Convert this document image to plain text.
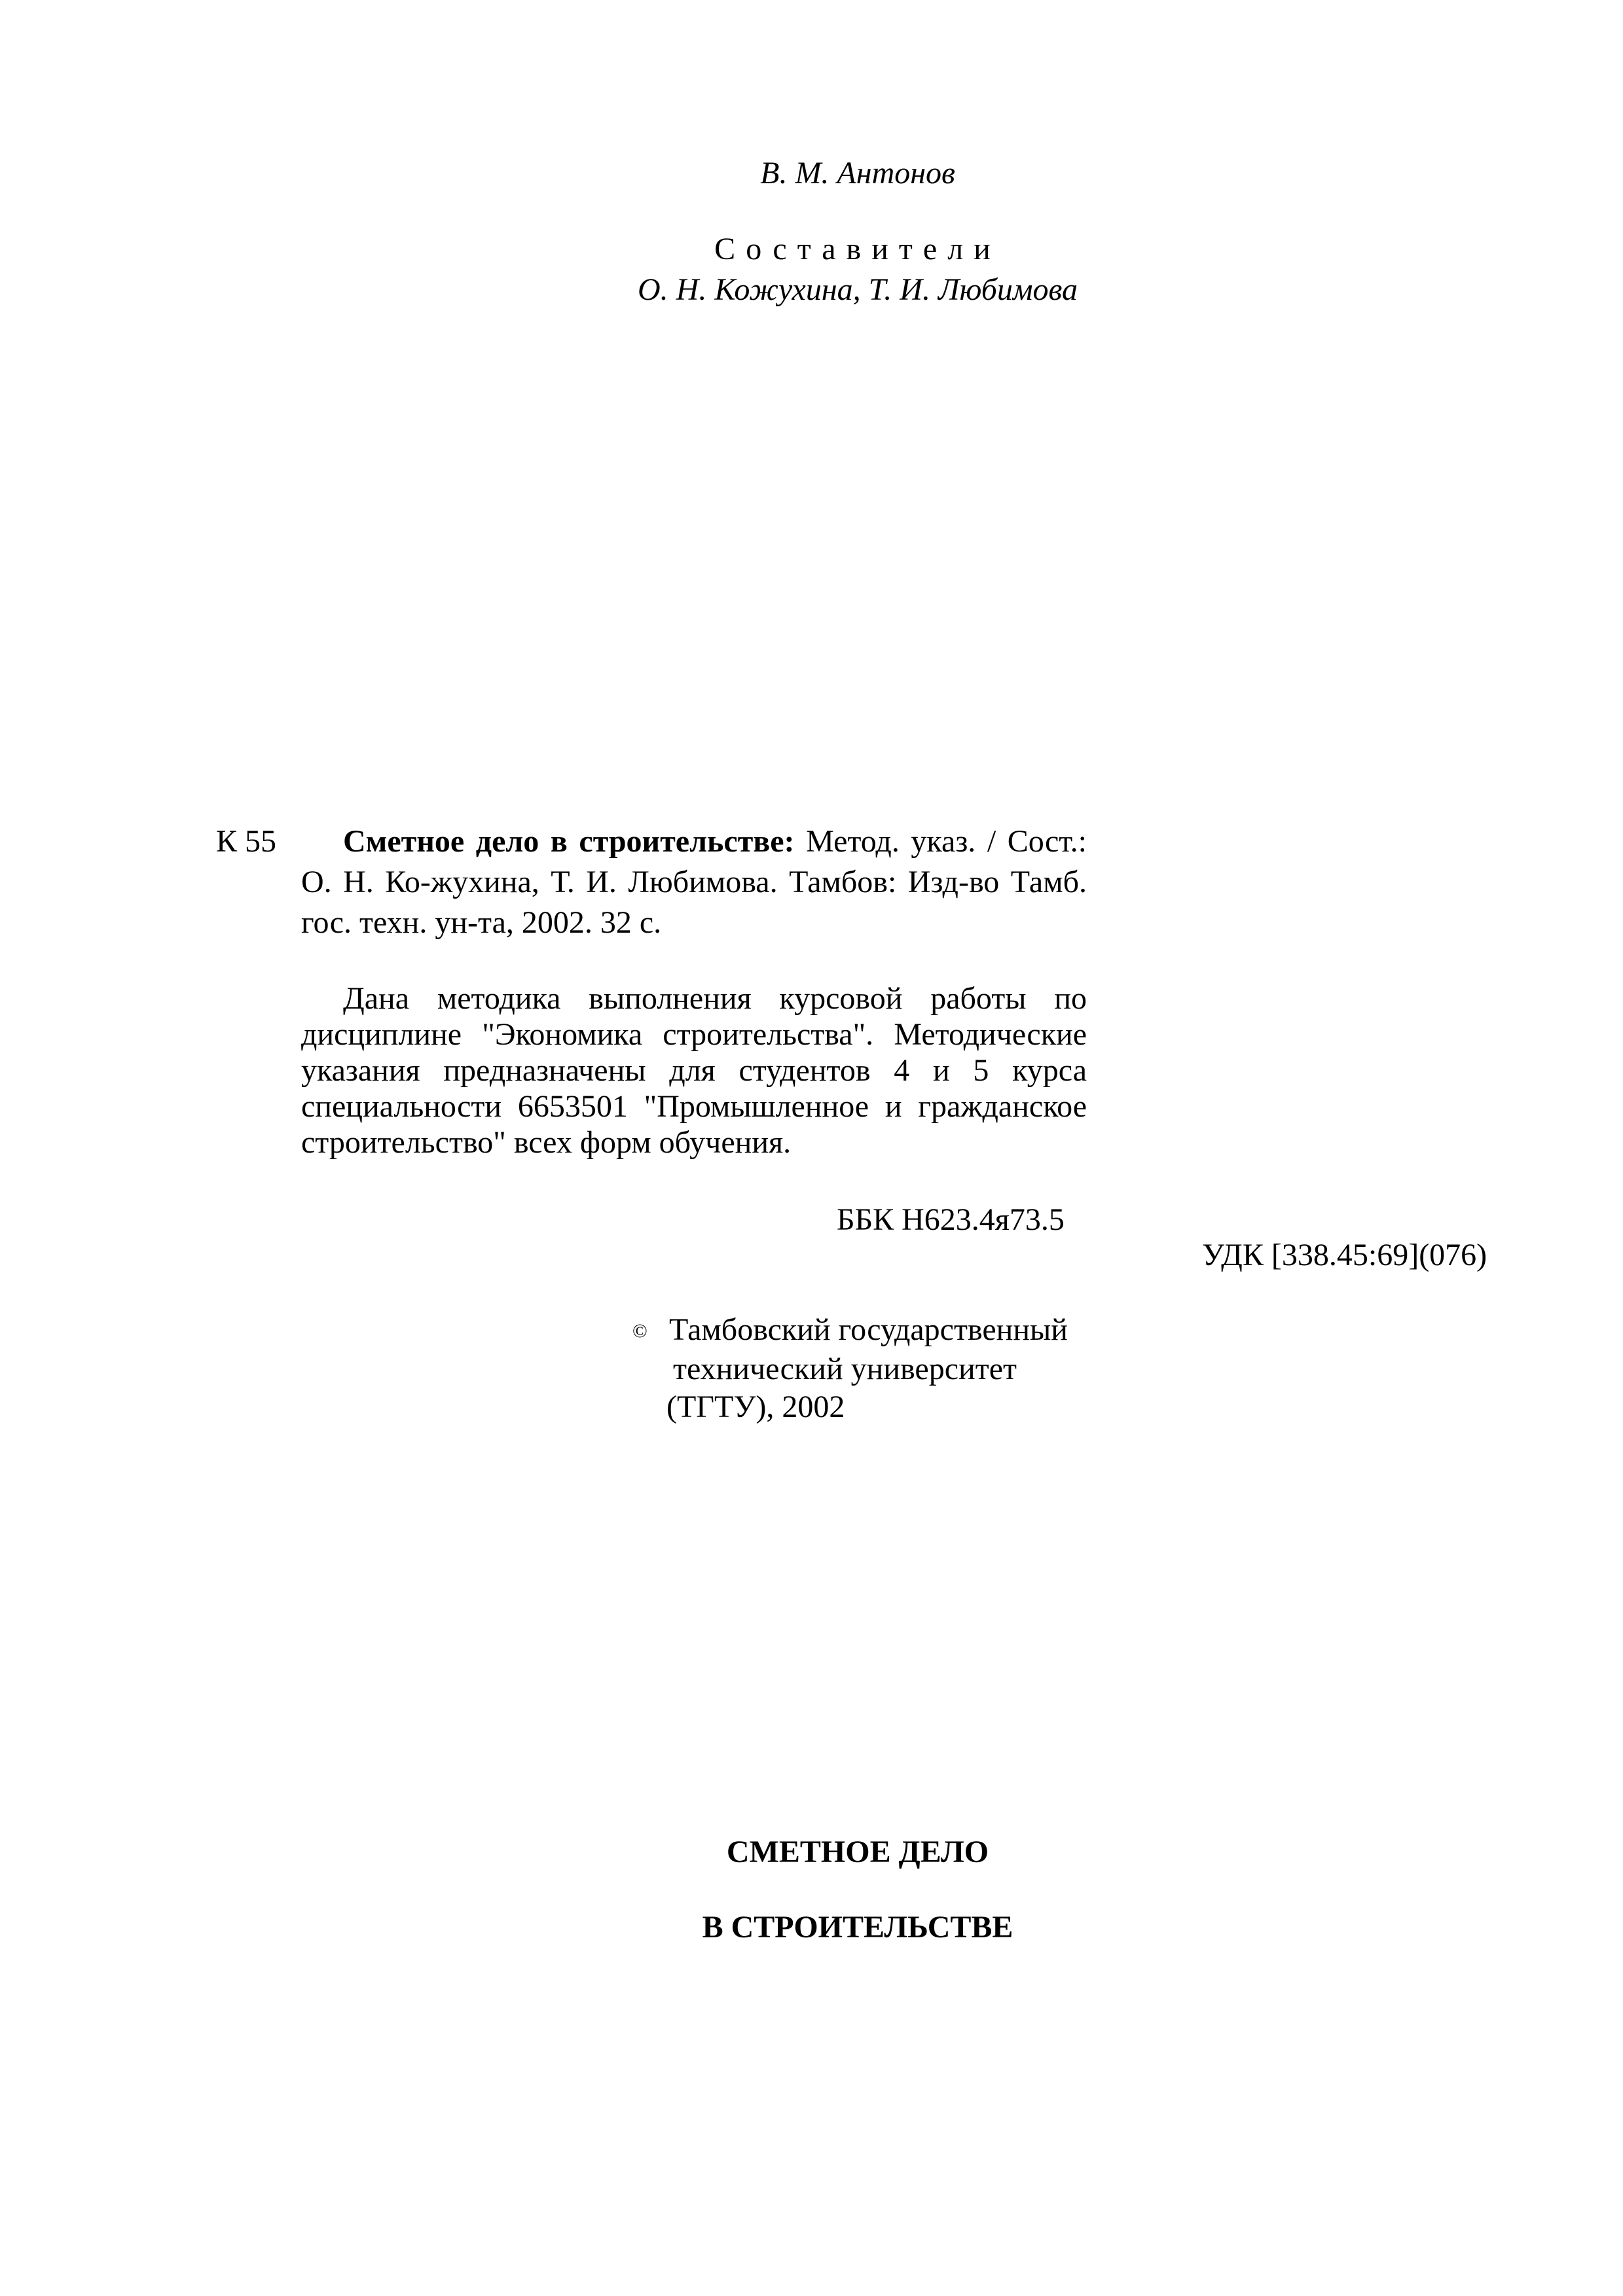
В. М. Антонов
Составители
О. Н. Кожухина, Т. И. Любимова
К 55	Сметное дело в строительстве: Метод. указ. / Сост.: О. Н. Ко-жухина, Т. И. Любимова. Тамбов: Изд-во Тамб. гос. техн. ун-та, 2002. 32 с.
Дана методика выполнения курсовой работы по дисциплине "Экономика строительства". Методические указания предназначены для студентов 4 и 5 курса специальности 6653501 "Промышленное и гражданское строительство" всех форм обучения.
ББК Н623.4я73.5
УДК [338.45:69](076)
© Тамбовский государственный
технический университет
(ТГТУ), 2002
СМЕТНОЕ ДЕЛО
В СТРОИТЕЛЬСТВЕ
